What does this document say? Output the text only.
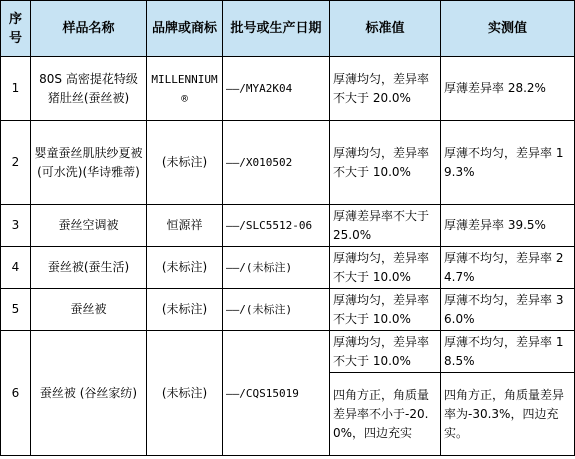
序号	样品名称	品牌或商标	批号或生产日期	标准值	实测值
1	80S 高密提花特级猪肚丝(蚕丝被)	MILLENNIUM®	——/MYA2K04	厚薄均匀，差异率不大于 20.0%	厚薄差异率 28.2%
2	婴童蚕丝肌肤纱夏被(可水洗)(华诗雅蒂)	(未标注)	——/X010502	厚薄均匀，差异率不大于 10.0%	厚薄不均匀，差异率 19.3%
3	蚕丝空调被	恒源祥	——/SLC5512-06	厚薄差异率不大于 25.0%	厚薄差异率 39.5%
4	蚕丝被(蚕生活)	(未标注)	——/(未标注)	厚薄均匀，差异率不大于 10.0%	厚薄不均匀，差异率 24.7%
5	蚕丝被	(未标注)	——/(未标注)	厚薄均匀，差异率不大于 10.0%	厚薄不均匀，差异率 36.0%
6	蚕丝被 (谷丝家纺)	(未标注)	——/CQS15019	厚薄均匀，差异率不大于 10.0%	厚薄不均匀，差异率 18.5%
				四角方正，角质量差异率不小于-20.0%，四边充实	四角方正，角质量差异率为-30.3%，四边充实。
